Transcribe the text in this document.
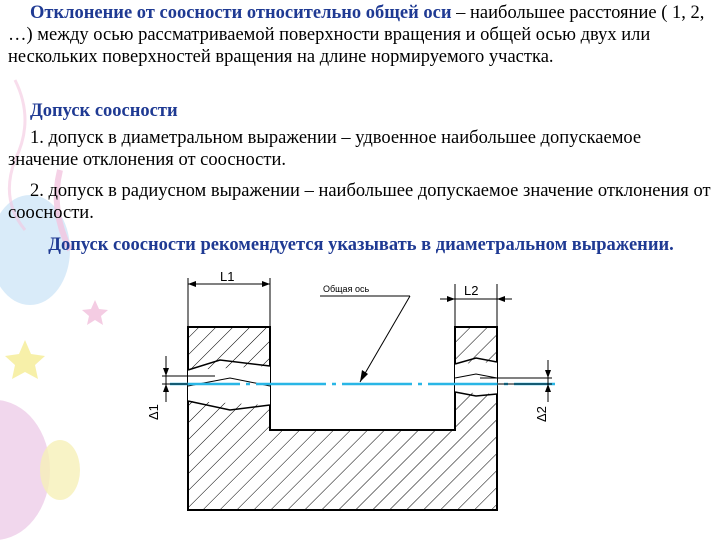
Отклонение от соосности относительно общей оси – наибольшее расстояние ( 1, 2, …) между осью рассматриваемой поверхности вращения и общей осью двух или нескольких поверхностей вращения на длине нормируемого участка.
Допуск соосности
1. допуск в диаметральном выражении – удвоенное наибольшее допускаемое значение отклонения от соосности.
2. допуск в радиусном выражении – наибольшее допускаемое значение отклонения от соосности.
Допуск соосности рекомендуется указывать в диаметральном выражении.
L1
L2
Общая ось
Δ1	Δ2
